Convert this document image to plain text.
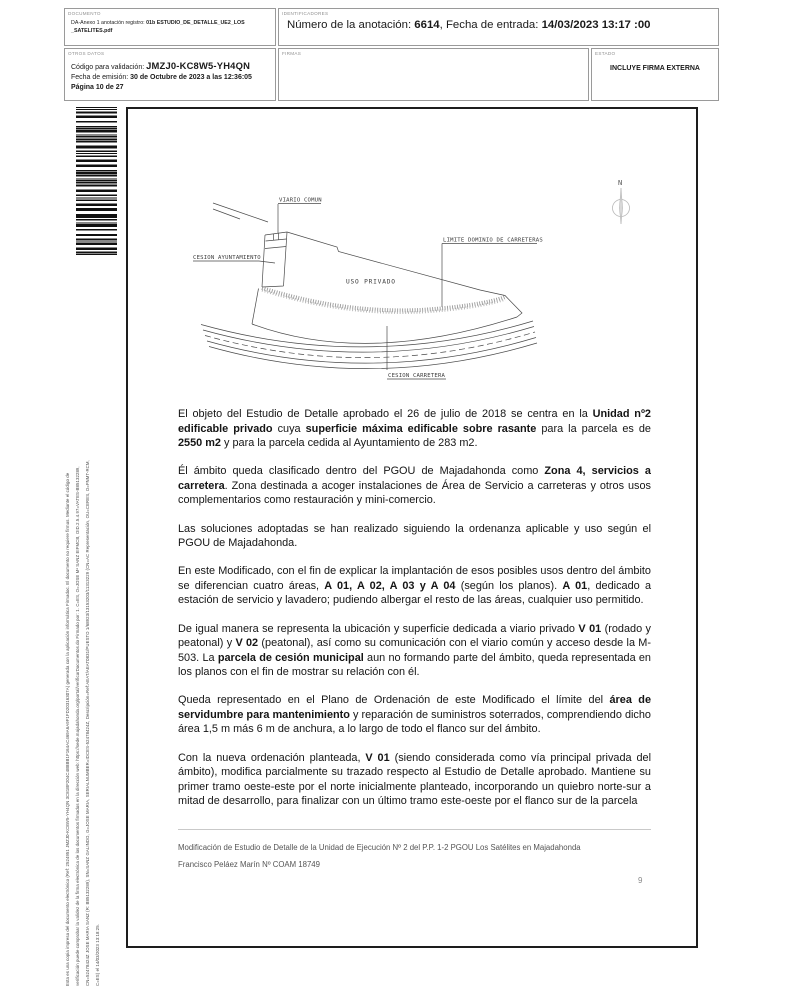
DOCUMENTO
DA-Anexo 1 anotación registro: 01b ESTUDIO_DE_DETALLE_UE2_LOS _SATELITES.pdf
IDENTIFICADORES
Número de la anotación: 6614, Fecha de entrada: 14/03/2023 13:17 :00
OTROS DATOS
Código para validación: JMZJ0-KC8W5-YH4QN
Fecha de emisión: 30 de Octubre de 2023 a las 12:36:05
Página 10 de 27
FIRMAS	ESTADO
INCLUYE FIRMA EXTERNA
Esta es una copia impresa del documento electrónico (Ref: 2524951 JMZJ0-KC8W5-YH4QN 3C81BF204C4B8BB1F164AC469A6A9F1FD20316307A) generada con la aplicación informática Firmadoc. El documento no requiere firmas. Mediante el código de	verificación puede comprobar la validez de la firma electrónica de los documentos firmados en la dirección web: https://sede.majadahonda.org/portal/verificarDocumentos.do Firmado por: 1. C=ES, O=JOSE Mª SANZ EIFMCB, OID.2.5.4.97=VATES-B85132289,	CN=52478424Z JOSE MARIA SANZ (R: B85132289), SN=SANZ GALINDO, G=JOSE MARIA, SERIALNUMBER=IDCES-52478424Z, Descripción=Ref:AEAT/AEAT0831/PUESTO 1/68923/13153203/11313229 (CN=AC Representación, OU=CERES, O=FNMT-RCM,	C=ES) el 14/03/2023 13:18:25.
VIARIO COMUN
CESION AYUNTAMIENTO
USO PRIVADO
LIMITE DOMINIO DE CARRETERAS
CESION CARRETERA
N

El objeto del Estudio de Detalle aprobado el 26 de julio de 2018 se centra en la Unidad nº2 edificable privado cuya superficie máxima edificable sobre rasante para la parcela es de 2550 m2 y para la parcela cedida al Ayuntamiento de 283 m2.

Él ámbito queda clasificado dentro del PGOU de Majadahonda como Zona 4, servicios a carretera. Zona destinada a acoger instalaciones de Área de Servicio a carreteras y otros usos complementarios como restauración y mini-comercio.

Las soluciones adoptadas se han realizado siguiendo la ordenanza aplicable y uso según el PGOU de Majadahonda.

En este Modificado, con el fin de explicar la implantación de esos posibles usos dentro del ámbito se diferencian cuatro áreas, A 01, A 02, A 03 y A 04 (según los planos). A 01, dedicado a estación de servicio y lavadero; pudiendo albergar el resto de las áreas, cualquier uso permitido.

De igual manera se representa la ubicación y superficie dedicada a viario privado V 01 (rodado y peatonal) y V 02 (peatonal), así como su comunicación con el viario común y acceso desde la M-503. La parcela de cesión municipal aun no formando parte del ámbito, queda representada en los planos con el fin de mostrar su relación con él.

Queda representado en el Plano de Ordenación de este Modificado el límite del área de servidumbre para mantenimiento y reparación de suministros soterrados, comprendiendo dicho área 1,5 m más 6 m de anchura, a lo largo de todo el flanco sur del ámbito.

Con la nueva ordenación planteada, V 01 (siendo considerada como vía principal privada del ámbito), modifica parcialmente su trazado respecto al Estudio de Detalle aprobado. Mantiene su primer tramo oeste-este por el norte inicialmente planteado, incorporando un quiebro norte-sur a mitad de desarrollo, para finalizar con un último tramo este-oeste por el flanco sur de la parcela

Modificación de Estudio de Detalle de la Unidad de Ejecución Nº 2 del P.P. 1-2 PGOU Los Satélites en Majadahonda
Francisco Peláez Marín Nº COAM 18749
9
